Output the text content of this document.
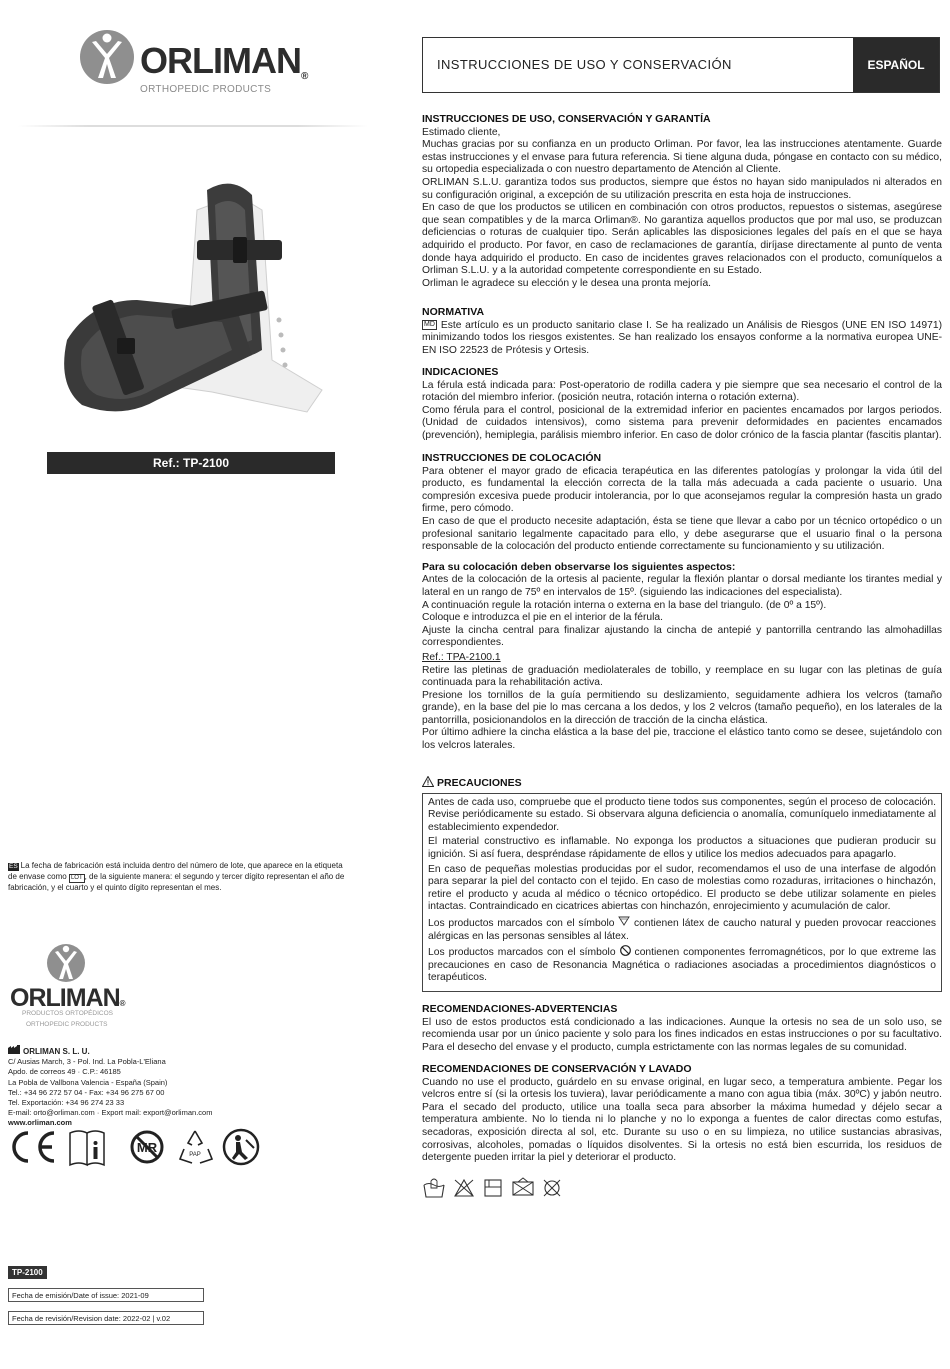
ORLIMAN®
ORTHOPEDIC PRODUCTS
INSTRUCCIONES DE USO Y CONSERVACIÓN	ESPAÑOL
Ref.: TP-2100
INSTRUCCIONES DE USO, CONSERVACIÓN Y GARANTÍA

Estimado cliente,

Muchas gracias por su confianza en un producto Orliman. Por favor, lea las instrucciones atentamente. Guarde estas instrucciones y el envase para futura referencia. Si tiene alguna duda, póngase en contacto con su médico, su ortopedia especializada o con nuestro departamento de Atención al Cliente.

ORLIMAN S.L.U. garantiza todos sus productos, siempre que éstos no hayan sido manipulados ni alterados en su configuración original, a excepción de su utilización prescrita en esta hoja de instrucciones.

En caso de que los productos se utilicen en combinación con otros productos, repuestos o sistemas, asegúrese que sean compatibles y de la marca Orliman®. No garantiza aquellos productos que por mal uso, se produzcan deficiencias o roturas de cualquier tipo. Serán aplicables las disposiciones legales del país en el que se haya adquirido el producto. Por favor, en caso de reclamaciones de garantía, diríjase directamente al punto de venta donde haya adquirido el producto. En caso de incidentes graves relacionados con el producto, comuníquelos a Orliman S.L.U. y a la autoridad competente correspondiente en su Estado.

Orliman le agradece su elección y le desea una pronta mejoría.

NORMATIVA

MD Este artículo es un producto sanitario clase I. Se ha realizado un Análisis de Riesgos (UNE EN ISO 14971) minimizando todos los riesgos existentes. Se han realizado los ensayos conforme a la normativa europea UNE-EN ISO 22523 de Prótesis y Ortesis.

INDICACIONES

La férula está indicada para: Post-operatorio de rodilla cadera y pie siempre que sea necesario el control de la rotación del miembro inferior. (posición neutra, rotación interna o rotación externa).

Como férula para el control, posicional de la extremidad inferior en pacientes encamados por largos periodos. (Unidad de cuidados intensivos), como sistema para prevenir deformidades en pacientes encamados (prevención), hemiplegia, parálisis miembro inferior. En caso de dolor crónico de la fascia plantar (fascitis plantar).

INSTRUCCIONES DE COLOCACIÓN

Para obtener el mayor grado de eficacia terapéutica en las diferentes patologías y prolongar la vida útil del producto, es fundamental la elección correcta de la talla más adecuada a cada paciente o usuario. Una compresión excesiva puede producir intolerancia, por lo que aconsejamos regular la compresión hasta un grado firme, pero cómodo.

En caso de que el producto necesite adaptación, ésta se tiene que llevar a cabo por un técnico ortopédico o un profesional sanitario legalmente capacitado para ello, y debe asegurarse que el usuario final o la persona responsable de la colocación del producto entiende correctamente su funcionamiento y su utilización.

Para su colocación deben observarse los siguientes aspectos:

Antes de la colocación de la ortesis al paciente, regular la flexión plantar o dorsal mediante los tirantes medial y lateral en un rango de 75º en intervalos de 15º. (siguiendo las indicaciones del especialista).

A continuación regule la rotación interna o externa en la base del triangulo. (de 0º a 15º).

Coloque e introduzca el pie en el interior de la férula.

Ajuste la cincha central para finalizar ajustando la cincha de antepié y pantorrilla centrando las almohadillas correspondientes.

Ref.: TPA-2100.1

Retire las pletinas de graduación mediolaterales de tobillo, y reemplace en su lugar con las pletinas de guía continuada para la rehabilitación activa.

Presione los tornillos de la guía permitiendo su deslizamiento, seguidamente adhiera los velcros (tamaño grande), en la base del pie lo mas cercana a los dedos, y los 2 velcros (tamaño pequeño), en los laterales de la pantorrilla, posicionandolos en la dirección de tracción de la cincha elástica.

Por último adhiere la cincha elástica a la base del pie, traccione el elástico tanto como se desee, sujetándolo con los velcros laterales.

PRECAUCIONES

Antes de cada uso, compruebe que el producto tiene todos sus componentes, según el proceso de colocación. Revise periódicamente su estado. Si observara alguna deficiencia o anomalía, comuníquelo inmediatamente al establecimiento expendedor.

El material constructivo es inflamable. No exponga los productos a situaciones que pudieran producir su ignición. Si así fuera, despréndase rápidamente de ellos y utilice los medios adecuados para apagarlo.

En caso de pequeñas molestias producidas por el sudor, recomendamos el uso de una interfase de algodón para separar la piel del contacto con el tejido. En caso de molestias como rozaduras, irritaciones o hinchazón, retire el producto y acuda al médico o técnico ortopédico. El producto se debe utilizar solamente en pieles intactas. Contraindicado en cicatrices abiertas con hinchazón, enrojecimiento y acumulación de calor.

Los productos marcados con el símbolo contienen látex de caucho natural y pueden provocar reacciones alérgicas en las personas sensibles al látex.

Los productos marcados con el símbolo contienen componentes ferromagnéticos, por lo que extreme las precauciones en caso de Resonancia Magnética o radiaciones asociadas a procedimientos diagnósticos o terapéuticos.

RECOMENDACIONES-ADVERTENCIAS

El uso de estos productos está condicionado a las indicaciones. Aunque la ortesis no sea de un solo uso, se recomienda usar por un único paciente y solo para los fines indicados en estas instrucciones o por su facultativo. Para el desecho del envase y el producto, cumpla estrictamente con las normas legales de su comunidad.

RECOMENDACIONES DE CONSERVACIÓN Y LAVADO

Cuando no use el producto, guárdelo en su envase original, en lugar seco, a temperatura ambiente. Pegar los velcros entre sí (si la ortesis los tuviera), lavar periódicamente a mano con agua tibia (máx. 30ºC) y jabón neutro. Para el secado del producto, utilice una toalla seca para absorber la máxima humedad y déjelo secar a temperatura ambiente. No lo tienda ni lo planche y no lo exponga a fuentes de calor directas como estufas, secadoras, exposición directa al sol, etc. Durante su uso o en su limpieza, no utilice sustancias abrasivas, corrosivas, alcoholes, pomadas o líquidos disolventes. Si la ortesis no está bien escurrida, los residuos de detergente pueden irritar la piel y deteriorar el producto.

ES La fecha de fabricación está incluida dentro del número de lote, que aparece en la etiqueta de envase como LOT , de la siguiente manera: el segundo y tercer dígito representan el año de fabricación, y el cuarto y el quinto dígito representan el mes.
ORLIMAN®
PRODUCTOS ORTOPÉDICOS
ORTHOPEDIC PRODUCTS
ORLIMAN S. L. U.
C/ Ausias March, 3 - Pol. Ind. La Pobla-L'Eliana
Apdo. de correos 49 · C.P.: 46185
La Pobla de Vallbona Valencia - España (Spain)
Tel.: +34 96 272 57 04 - Fax: +34 96 275 67 00
Tel. Exportación: +34 96 274 23 33
E-mail: orto@orliman.com · Export mail: export@orliman.com
www.orliman.com
MR	PAP
TP-2100
Fecha de emisión/Date of issue: 2021-09
Fecha de revisión/Revision date: 2022-02 | v.02
